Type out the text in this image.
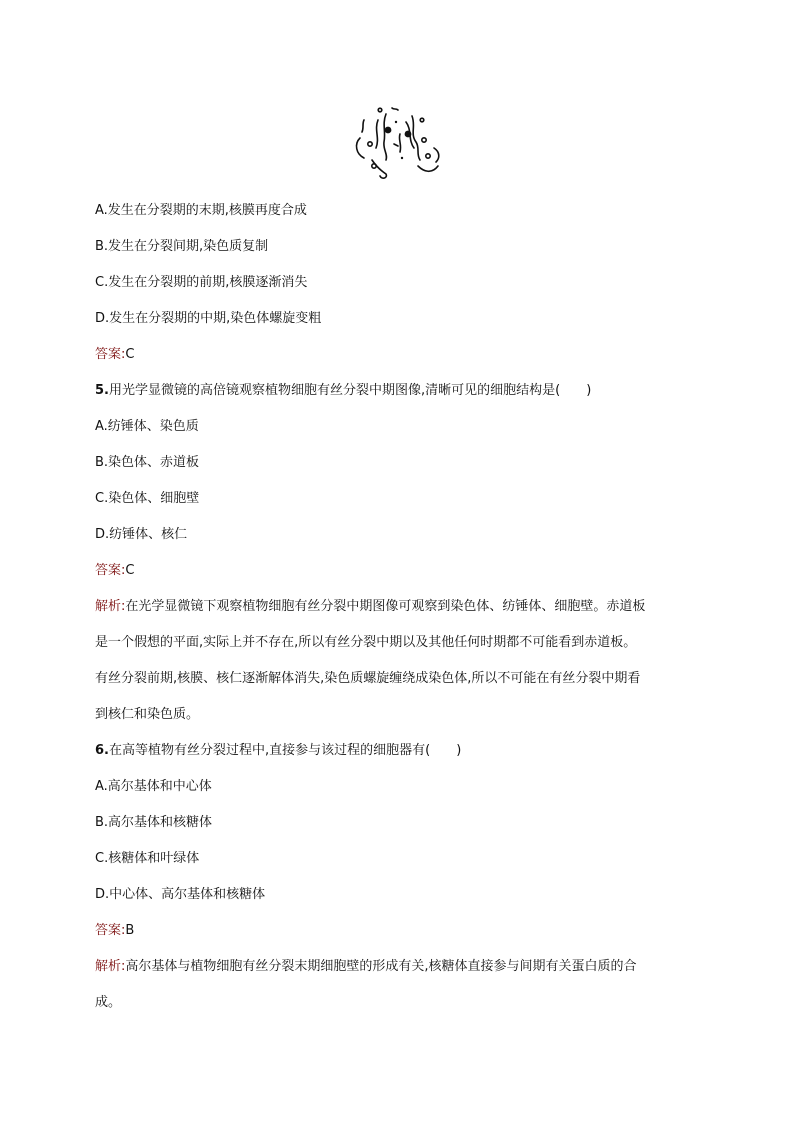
A.发生在分裂期的末期,核膜再度合成
B.发生在分裂间期,染色质复制
C.发生在分裂期的前期,核膜逐渐消失
D.发生在分裂期的中期,染色体螺旋变粗
答案:C
5.用光学显微镜的高倍镜观察植物细胞有丝分裂中期图像,清晰可见的细胞结构是(　　)
A.纺锤体、染色质
B.染色体、赤道板
C.染色体、细胞壁
D.纺锤体、核仁
答案:C
解析:在光学显微镜下观察植物细胞有丝分裂中期图像可观察到染色体、纺锤体、细胞壁。赤道板
是一个假想的平面,实际上并不存在,所以有丝分裂中期以及其他任何时期都不可能看到赤道板。
有丝分裂前期,核膜、核仁逐渐解体消失,染色质螺旋缠绕成染色体,所以不可能在有丝分裂中期看
到核仁和染色质。
6.在高等植物有丝分裂过程中,直接参与该过程的细胞器有(　　)
A.高尔基体和中心体
B.高尔基体和核糖体
C.核糖体和叶绿体
D.中心体、高尔基体和核糖体
答案:B
解析:高尔基体与植物细胞有丝分裂末期细胞壁的形成有关,核糖体直接参与间期有关蛋白质的合
成。
